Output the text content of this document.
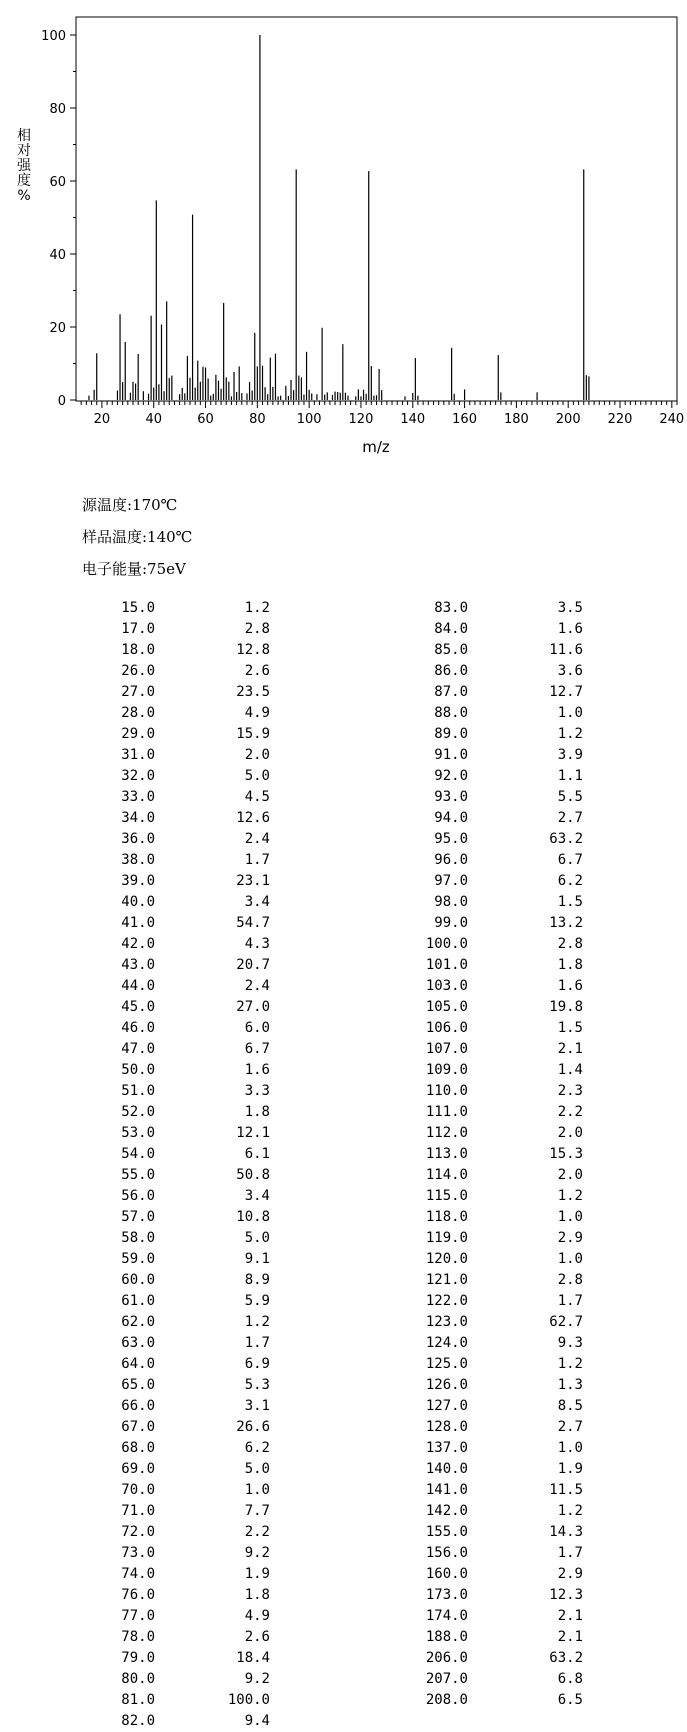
0
20
40
60
80
100
20	40	60	80 100 120 140 160 180 200 220 240
m/z
相
对
强
度
%
源温度:170℃
样品温度:140℃
电子能量:75eV
15.0	1.2
17.0	2.8
18.0	12.8
26.0	2.6
27.0	23.5
28.0	4.9
29.0	15.9
31.0	2.0
32.0	5.0
33.0	4.5
34.0	12.6
36.0	2.4
38.0	1.7
39.0	23.1
40.0	3.4
41.0	54.7
42.0	4.3
43.0	20.7
44.0	2.4
45.0	27.0
46.0	6.0
47.0	6.7
50.0	1.6
51.0	3.3
52.0	1.8
53.0	12.1
54.0	6.1
55.0	50.8
56.0	3.4
57.0	10.8
58.0	5.0
59.0	9.1
60.0	8.9
61.0	5.9
62.0	1.2
63.0	1.7
64.0	6.9
65.0	5.3
66.0	3.1
67.0	26.6
68.0	6.2
69.0	5.0
70.0	1.0
71.0	7.7
72.0	2.2
73.0	9.2
74.0	1.9
76.0	1.8
77.0	4.9
78.0	2.6
79.0	18.4
80.0	9.2
81.0	100.0
82.0	9.4
83.0	3.5
84.0	1.6
85.0	11.6
86.0	3.6
87.0	12.7
88.0	1.0
89.0	1.2
91.0	3.9
92.0	1.1
93.0	5.5
94.0	2.7
95.0	63.2
96.0	6.7
97.0	6.2
98.0	1.5
99.0	13.2
100.0	2.8
101.0	1.8
103.0	1.6
105.0	19.8
106.0	1.5
107.0	2.1
109.0	1.4
110.0	2.3
111.0	2.2
112.0	2.0
113.0	15.3
114.0	2.0
115.0	1.2
118.0	1.0
119.0	2.9
120.0	1.0
121.0	2.8
122.0	1.7
123.0	62.7
124.0	9.3
125.0	1.2
126.0	1.3
127.0	8.5
128.0	2.7
137.0	1.0
140.0	1.9
141.0	11.5
142.0	1.2
155.0	14.3
156.0	1.7
160.0	2.9
173.0	12.3
174.0	2.1
188.0	2.1
206.0	63.2
207.0	6.8
208.0	6.5
